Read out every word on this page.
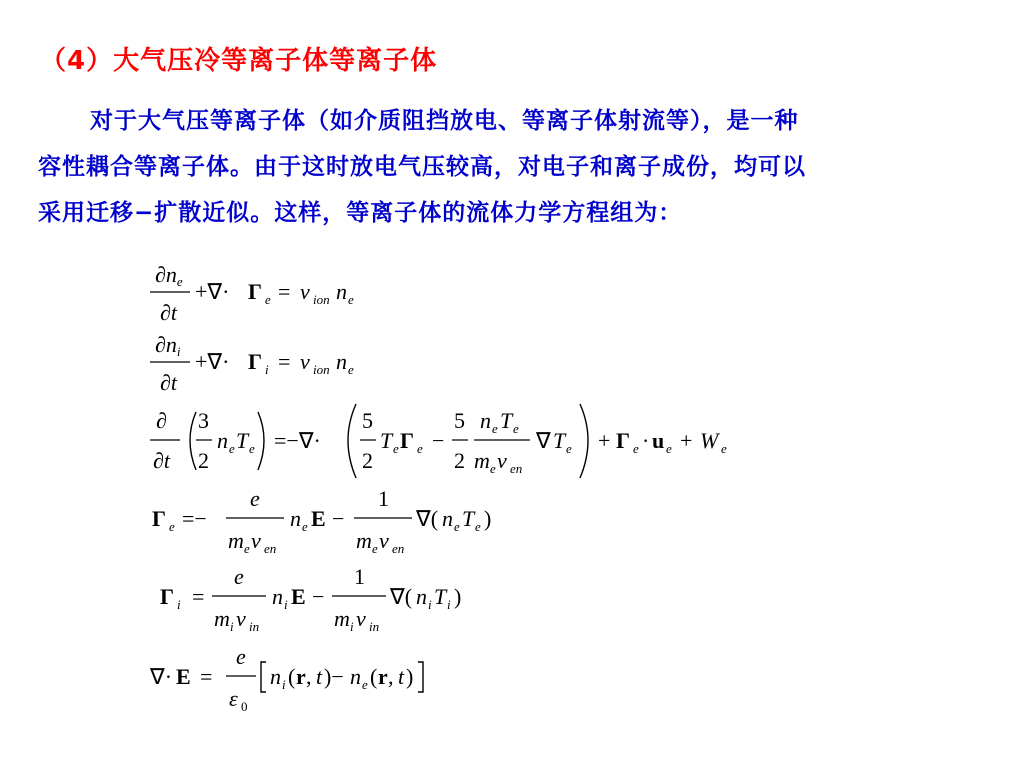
（4）大气压冷等离子体等离子体
对于大气压等离子体（如介质阻挡放电、等离子体射流等），是一种
容性耦合等离子体。由于这时放电气压较高，对电子和离子成份，均可以
采用迁移−扩散近似。这样，等离子体的流体力学方程组为：
∂ne
∂t
+∇· Γ e = ν ion n e
∂ni
∂t
+∇· Γ i = ν ion n e
∂
∂t
3
2
n e T e =−∇·
5
2
T e Γ e −
5
2
n e T e
m e ν en
∇ T e + Γ e · u e + W e
Γ e =−
e
m e ν en
n e E −
1
m e ν en
∇( n e T e )
Γ i =
e
m i ν in
n i E −
1
m i ν in
∇( n i T i )
∇· E =
e
ε 0
n i ( r , t )− n e ( r , t )
